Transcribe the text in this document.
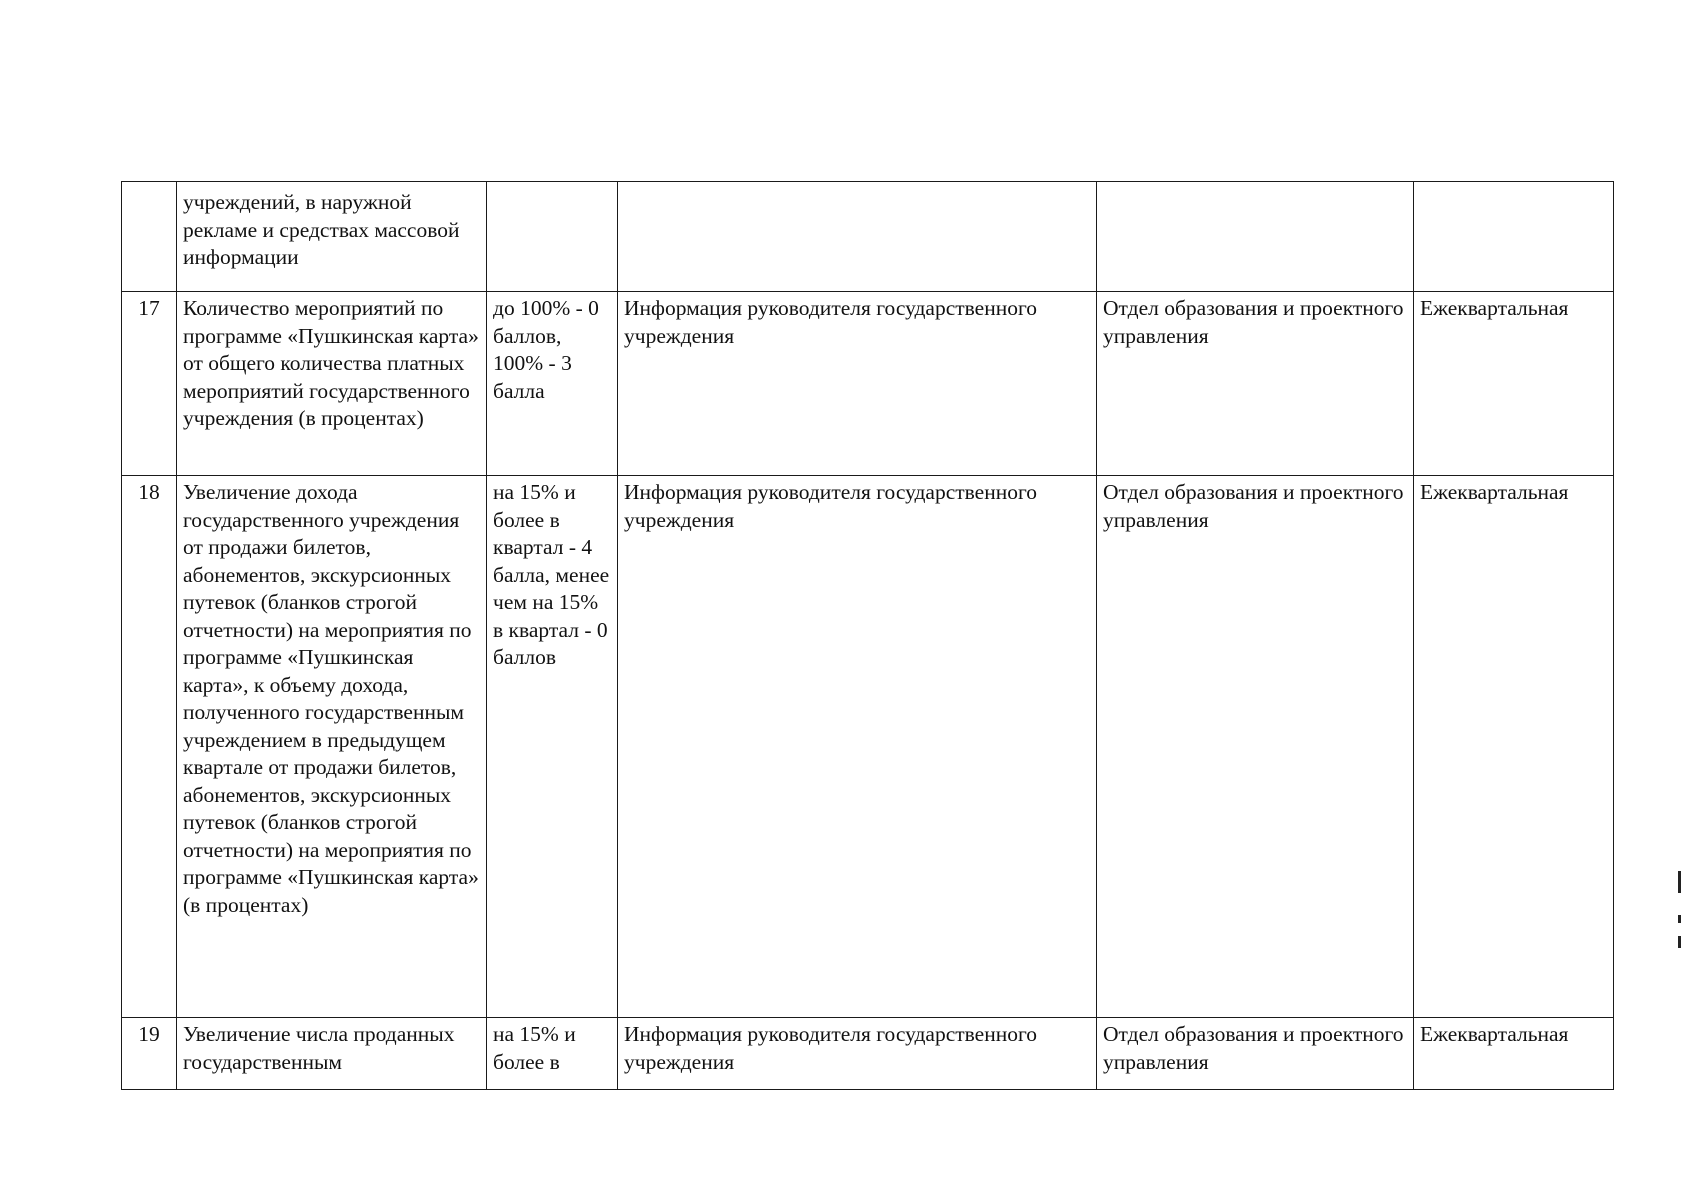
	учреждений, в наружной рекламе и средствах массовой информации				
17	Количество мероприятий по программе «Пушкинская карта» от общего количества платных мероприятий государственного учреждения (в процентах)	до 100% - 0 баллов, 100% - 3 балла	Информация руководителя государственного учреждения	Отдел образования и проектного управления	Ежеквартальная
18	Увеличение дохода государственного учреждения от продажи билетов, абонементов, экскурсионных путевок (бланков строгой отчетности) на мероприятия по программе «Пушкинская карта», к объему дохода, полученного государственным учреждением в предыдущем квартале от продажи билетов, абонементов, экскурсионных путевок (бланков строгой отчетности) на мероприятия по программе «Пушкинская карта» (в процентах)	на 15% и более в квартал - 4 балла, менее чем на 15% в квартал - 0 баллов	Информация руководителя государственного учреждения	Отдел образования и проектного управления	Ежеквартальная
19	Увеличение числа проданных государственным	на 15% и более в	Информация руководителя государственного учреждения	Отдел образования и проектного управления	Ежеквартальная
